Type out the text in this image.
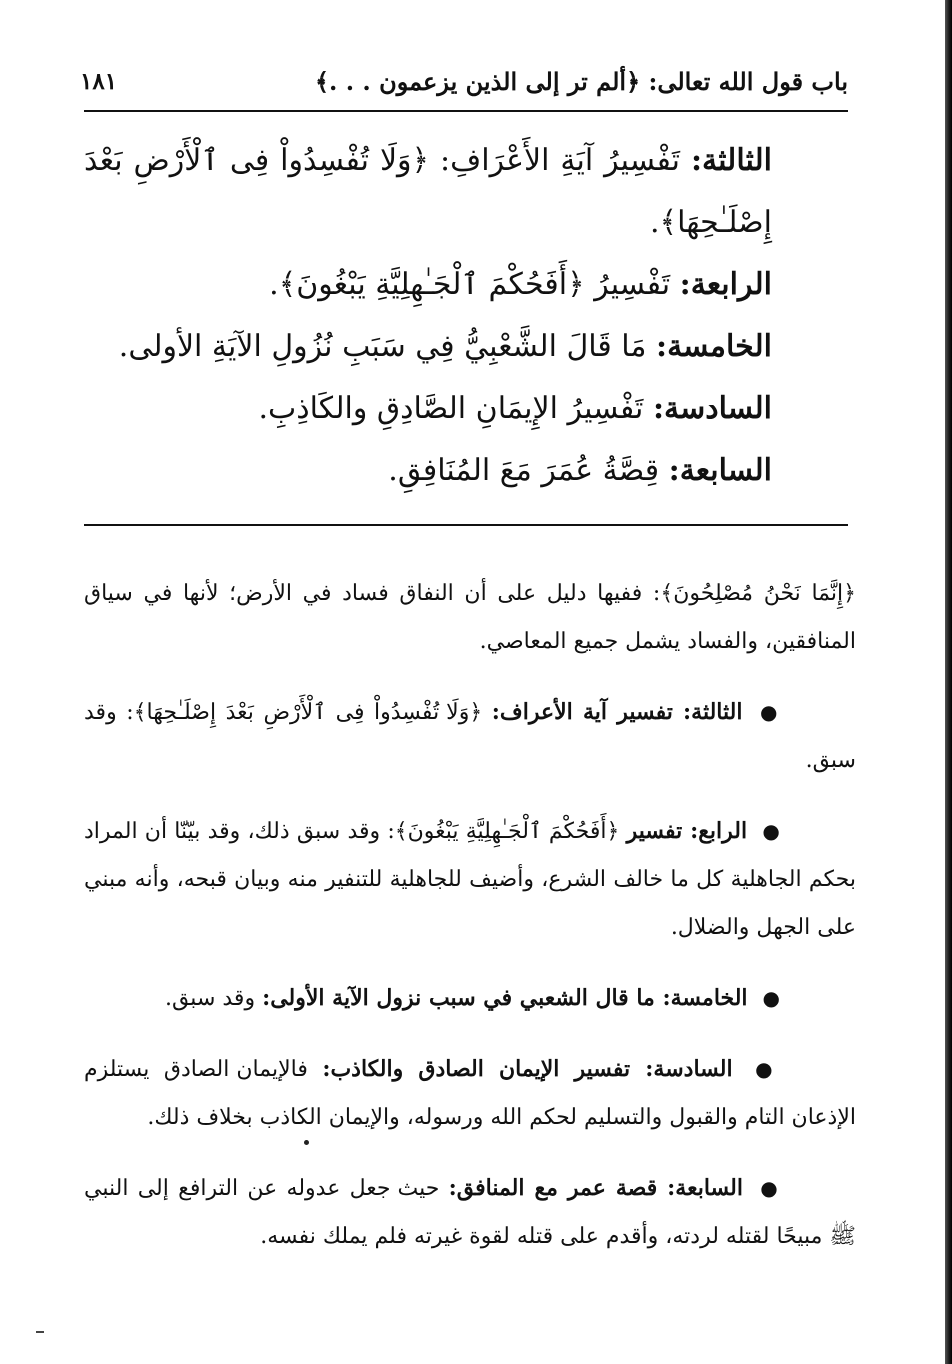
باب قول الله تعالى: ﴿ألم تر إلى الذين يزعمون . . .﴾
١٨١
الثالثة: تَفْسِيرُ آيَةِ الأَعْرَافِ: ﴿وَلَا تُفْسِدُواْ فِى ٱلْأَرْضِ بَعْدَ إِصْلَـٰحِهَا﴾.
الرابعة: تَفْسِيرُ ﴿أَفَحُكْمَ ٱلْجَـٰهِلِيَّةِ يَبْغُونَ﴾.
الخامسة: مَا قَالَ الشَّعْبِيُّ فِي سَبَبِ نُزُولِ الآيَةِ الأولى.
السادسة: تَفْسِيرُ الإِيمَانِ الصَّادِقِ والكَاذِبِ.
السابعة: قِصَّةُ عُمَرَ مَعَ المُنَافِقِ.

﴿إِنَّمَا نَحْنُ مُصْلِحُونَ﴾: ففيها دليل على أن النفاق فساد في الأرض؛ لأنها في سياق المنافقين، والفساد يشمل جميع المعاصي.

● الثالثة: تفسير آية الأعراف: ﴿وَلَا تُفْسِدُواْ فِى ٱلْأَرْضِ بَعْدَ إِصْلَـٰحِهَا﴾: وقد سبق.

● الرابع: تفسير ﴿أَفَحُكْمَ ٱلْجَـٰهِلِيَّةِ يَبْغُونَ﴾: وقد سبق ذلك، وقد بيّنّا أن المراد بحكم الجاهلية كل ما خالف الشرع، وأضيف للجاهلية للتنفير منه وبيان قبحه، وأنه مبني على الجهل والضلال.

● الخامسة: ما قال الشعبي في سبب نزول الآية الأولى: وقد سبق.

● السادسة: تفسير الإيمان الصادق والكاذب: فالإيمان الصادق يستلزم الإذعان التام والقبول والتسليم لحكم الله ورسوله، والإيمان الكاذب بخلاف ذلك.

● السابعة: قصة عمر مع المنافق: حيث جعل عدوله عن الترافع إلى النبي ﷺ مبيحًا لقتله لردته، وأقدم على قتله لقوة غيرته فلم يملك نفسه.
